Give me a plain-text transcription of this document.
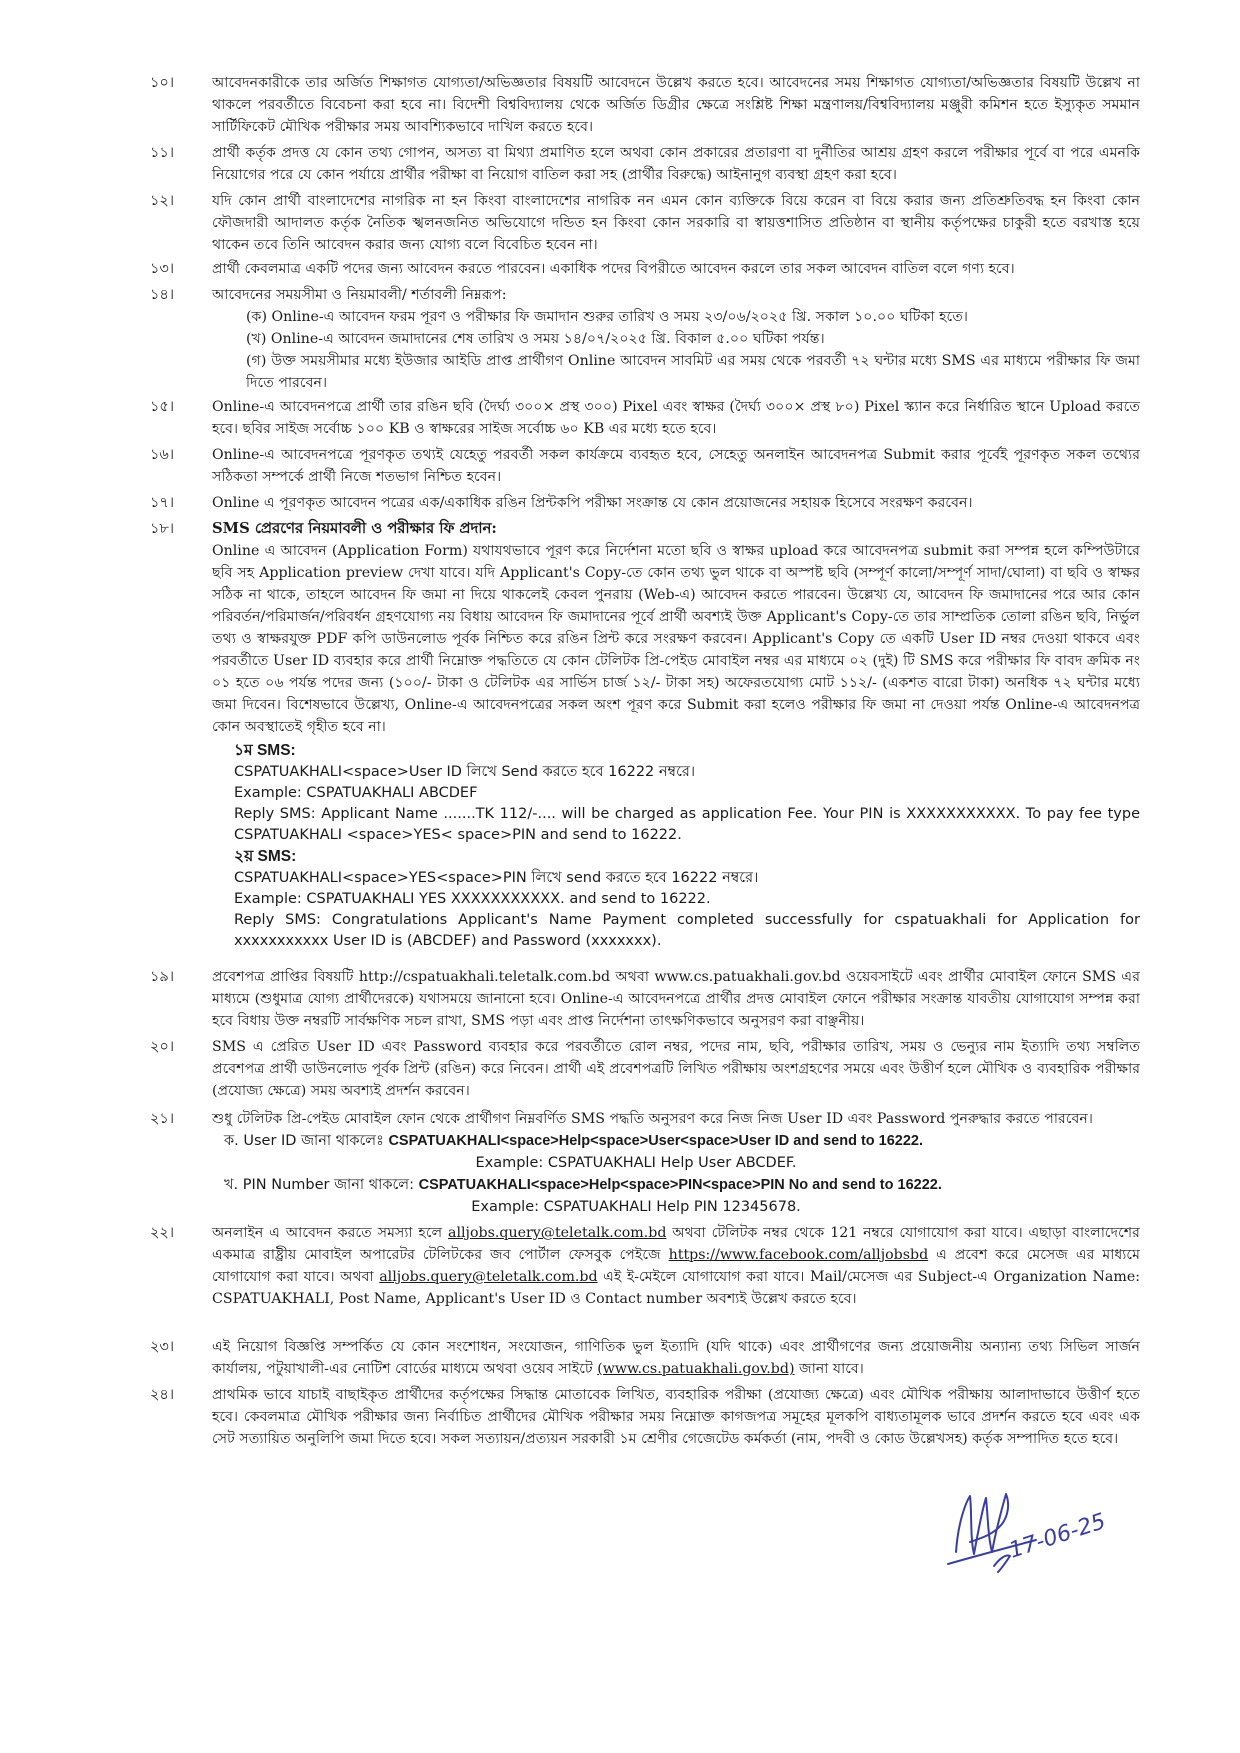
১০।	আবেদনকারীকে তার অর্জিত শিক্ষাগত যোগ্যতা/অভিজ্ঞতার বিষয়টি আবেদনে উল্লেখ করতে হবে। আবেদনের সময় শিক্ষাগত যোগ্যতা/অভিজ্ঞতার বিষয়টি উল্লেখ না থাকলে পরবর্তীতে বিবেচনা করা হবে না। বিদেশী বিশ্ববিদ্যালয় থেকে অর্জিত ডিগ্রীর ক্ষেত্রে সংশ্লিষ্ট শিক্ষা মন্ত্রণালয়/বিশ্ববিদ্যালয় মঞ্জুরী কমিশন হতে ইস্যুকৃত সমমান সার্টিফিকেট মৌখিক পরীক্ষার সময় আবশ্যিকভাবে দাখিল করতে হবে।

১১।	প্রার্থী কর্তৃক প্রদত্ত যে কোন তথ্য গোপন, অসত্য বা মিথ্যা প্রমাণিত হলে অথবা কোন প্রকারের প্রতারণা বা দুর্নীতির আশ্রয় গ্রহণ করলে পরীক্ষার পূর্বে বা পরে এমনকি নিয়োগের পরে যে কোন পর্যায়ে প্রার্থীর পরীক্ষা বা নিয়োগ বাতিল করা সহ (প্রার্থীর বিরুদ্ধে) আইনানুগ ব্যবস্থা গ্রহণ করা হবে।

১২।	যদি কোন প্রার্থী বাংলাদেশের নাগরিক না হন কিংবা বাংলাদেশের নাগরিক নন এমন কোন ব্যক্তিকে বিয়ে করেন বা বিয়ে করার জন্য প্রতিশ্রুতিবদ্ধ হন কিংবা কোন ফৌজদারী আদালত কর্তৃক নৈতিক স্খলনজনিত অভিযোগে দন্ডিত হন কিংবা কোন সরকারি বা স্বায়ত্তশাসিত প্রতিষ্ঠান বা স্থানীয় কর্তৃপক্ষের চাকুরী হতে বরখাস্ত হয়ে থাকেন তবে তিনি আবেদন করার জন্য যোগ্য বলে বিবেচিত হবেন না।

১৩।	প্রার্থী কেবলমাত্র একটি পদের জন্য আবেদন করতে পারবেন। একাধিক পদের বিপরীতে আবেদন করলে তার সকল আবেদন বাতিল বলে গণ্য হবে।

১৪।	আবেদনের সময়সীমা ও নিয়মাবলী/ শর্তাবলী নিম্নরূপ:

(ক) Online-এ আবেদন ফরম পূরণ ও পরীক্ষার ফি জমাদান শুরুর তারিখ ও সময় ২৩/০৬/২০২৫ খ্রি. সকাল ১০.০০ ঘটিকা হতে।
(খ) Online-এ আবেদন জমাদানের শেষ তারিখ ও সময় ১৪/০৭/২০২৫ খ্রি. বিকাল ৫.০০ ঘটিকা পর্যন্ত।
(গ) উক্ত সময়সীমার মধ্যে ইউজার আইডি প্রাপ্ত প্রার্থীগণ Online আবেদন সাবমিট এর সময় থেকে পরবর্তী ৭২ ঘন্টার মধ্যে SMS এর মাধ্যমে পরীক্ষার ফি জমা দিতে পারবেন।
১৫।	Online-এ আবেদনপত্রে প্রার্থী তার রঙিন ছবি (দৈর্ঘ্য ৩০০× প্রস্থ ৩০০) Pixel এবং স্বাক্ষর (দৈর্ঘ্য ৩০০× প্রস্থ ৮০) Pixel স্ক্যান করে নির্ধারিত স্থানে Upload করতে হবে। ছবির সাইজ সর্বোচ্চ ১০০ KB ও স্বাক্ষরের সাইজ সর্বোচ্চ ৬০ KB এর মধ্যে হতে হবে।

১৬।	Online-এ আবেদনপত্রে পূরণকৃত তথ্যই যেহেতু পরবর্তী সকল কার্যক্রমে ব্যবহৃত হবে, সেহেতু অনলাইন আবেদনপত্র Submit করার পূর্বেই পূরণকৃত সকল তথ্যের সঠিকতা সম্পর্কে প্রার্থী নিজে শতভাগ নিশ্চিত হবেন।

১৭।	Online এ পূরণকৃত আবেদন পত্রের এক/একাধিক রঙিন প্রিন্টকপি পরীক্ষা সংক্রান্ত যে কোন প্রয়োজনের সহায়ক হিসেবে সংরক্ষণ করবেন।

১৮।	SMS প্রেরণের নিয়মাবলী ও পরীক্ষার ফি প্রদান:

Online এ আবেদন (Application Form) যথাযথভাবে পূরণ করে নির্দেশনা মতো ছবি ও স্বাক্ষর upload করে আবেদনপত্র submit করা সম্পন্ন হলে কম্পিউটারে ছবি সহ Application preview দেখা যাবে। যদি Applicant's Copy-তে কোন তথ্য ভুল থাকে বা অস্পষ্ট ছবি (সম্পূর্ণ কালো/সম্পূর্ণ সাদা/ঘোলা) বা ছবি ও স্বাক্ষর সঠিক না থাকে, তাহলে আবেদন ফি জমা না দিয়ে থাকলেই কেবল পুনরায় (Web-এ) আবেদন করতে পারবেন। উল্লেখ্য যে, আবেদন ফি জমাদানের পরে আর কোন পরিবর্তন/পরিমার্জন/পরিবর্ধন গ্রহণযোগ্য নয় বিধায় আবেদন ফি জমাদানের পূর্বে প্রার্থী অবশ্যই উক্ত Applicant's Copy-তে তার সাম্প্রতিক তোলা রঙিন ছবি, নির্ভুল তথ্য ও স্বাক্ষরযুক্ত PDF কপি ডাউনলোড পূর্বক নিশ্চিত করে রঙিন প্রিন্ট করে সংরক্ষণ করবেন। Applicant's Copy তে একটি User ID নম্বর দেওয়া থাকবে এবং পরবর্তীতে User ID ব্যবহার করে প্রার্থী নিম্নোক্ত পদ্ধতিতে যে কোন টেলিটক প্রি-পেইড মোবাইল নম্বর এর মাধ্যমে ০২ (দুই) টি SMS করে পরীক্ষার ফি বাবদ ক্রমিক নং ০১ হতে ০৬ পর্যন্ত পদের জন্য (১০০/- টাকা ও টেলিটক এর সার্ভিস চার্জ ১২/- টাকা সহ) অফেরতযোগ্য মোট ১১২/- (একশত বারো টাকা) অনধিক ৭২ ঘন্টার মধ্যে জমা দিবেন। বিশেষভাবে উল্লেখ্য, Online-এ আবেদনপত্রের সকল অংশ পূরণ করে Submit করা হলেও পরীক্ষার ফি জমা না দেওয়া পর্যন্ত Online-এ আবেদনপত্র কোন অবস্থাতেই গৃহীত হবে না।

১ম SMS:
CSPATUAKHALI<space>User ID লিখে Send করতে হবে 16222 নম্বরে।
Example: CSPATUAKHALI ABCDEF
Reply SMS: Applicant Name .......TK 112/-.... will be charged as application Fee. Your PIN is XXXXXXXXXXX. To pay fee type CSPATUAKHALI <space>YES< space>PIN and send to 16222.
২য় SMS:
CSPATUAKHALI<space>YES<space>PIN লিখে send করতে হবে 16222 নম্বরে।
Example: CSPATUAKHALI YES XXXXXXXXXXX. and send to 16222.
Reply SMS: Congratulations Applicant's Name Payment completed successfully for cspatuakhali for Application for xxxxxxxxxxx User ID is (ABCDEF) and Password (xxxxxxx).
১৯।	প্রবেশপত্র প্রাপ্তির বিষয়টি http://cspatuakhali.teletalk.com.bd অথবা www.cs.patuakhali.gov.bd ওয়েবসাইটে এবং প্রার্থীর মোবাইল ফোনে SMS এর মাধ্যমে (শুধুমাত্র যোগ্য প্রার্থীদেরকে) যথাসময়ে জানানো হবে। Online-এ আবেদনপত্রে প্রার্থীর প্রদত্ত মোবাইল ফোনে পরীক্ষার সংক্রান্ত যাবতীয় যোগাযোগ সম্পন্ন করা হবে বিধায় উক্ত নম্বরটি সার্বক্ষণিক সচল রাখা, SMS পড়া এবং প্রাপ্ত নির্দেশনা তাৎক্ষণিকভাবে অনুসরণ করা বাঞ্ছনীয়।

২০।	SMS এ প্রেরিত User ID এবং Password ব্যবহার করে পরবর্তীতে রোল নম্বর, পদের নাম, ছবি, পরীক্ষার তারিখ, সময় ও ভেন্যুর নাম ইত্যাদি তথ্য সম্বলিত প্রবেশপত্র প্রার্থী ডাউনলোড পূর্বক প্রিন্ট (রঙিন) করে নিবেন। প্রার্থী এই প্রবেশপত্রটি লিখিত পরীক্ষায় অংশগ্রহণের সময়ে এবং উত্তীর্ণ হলে মৌখিক ও ব্যবহারিক পরীক্ষার (প্রযোজ্য ক্ষেত্রে) সময় অবশ্যই প্রদর্শন করবেন।

২১।	শুধু টেলিটক প্রি-পেইড মোবাইল ফোন থেকে প্রার্থীগণ নিম্নবর্ণিত SMS পদ্ধতি অনুসরণ করে নিজ নিজ User ID এবং Password পুনরুদ্ধার করতে পারবেন।

ক. User ID জানা থাকলেঃ CSPATUAKHALI<space>Help<space>User<space>User ID and send to 16222.
Example: CSPATUAKHALI Help User ABCDEF.
খ. PIN Number জানা থাকলে: CSPATUAKHALI<space>Help<space>PIN<space>PIN No and send to 16222.
Example: CSPATUAKHALI Help PIN 12345678.
২২।	অনলাইন এ আবেদন করতে সমস্যা হলে alljobs.query@teletalk.com.bd অথবা টেলিটক নম্বর থেকে 121 নম্বরে যোগাযোগ করা যাবে। এছাড়া বাংলাদেশের একমাত্র রাষ্ট্রীয় মোবাইল অপারেটর টেলিটকের জব পোর্টাল ফেসবুক পেইজে https://www.facebook.com/alljobsbd এ প্রবেশ করে মেসেজ এর মাধ্যমে যোগাযোগ করা যাবে। অথবা alljobs.query@teletalk.com.bd এই ই-মেইলে যোগাযোগ করা যাবে। Mail/মেসেজ এর Subject-এ Organization Name: CSPATUAKHALI, Post Name, Applicant's User ID ও Contact number অবশ্যই উল্লেখ করতে হবে।

২৩।	এই নিয়োগ বিজ্ঞপ্তি সম্পর্কিত যে কোন সংশোধন, সংযোজন, গাণিতিক ভুল ইত্যাদি (যদি থাকে) এবং প্রার্থীগণের জন্য প্রয়োজনীয় অন্যান্য তথ্য সিভিল সার্জন কার্যালয়, পটুয়াখালী-এর নোটিশ বোর্ডের মাধ্যমে অথবা ওয়েব সাইটে (www.cs.patuakhali.gov.bd) জানা যাবে।

২৪।	প্রাথমিক ভাবে যাচাই বাছাইকৃত প্রার্থীদের কর্তৃপক্ষের সিদ্ধান্ত মোতাবেক লিখিত, ব্যবহারিক পরীক্ষা (প্রযোজ্য ক্ষেত্রে) এবং মৌখিক পরীক্ষায় আলাদাভাবে উত্তীর্ণ হতে হবে। কেবলমাত্র মৌখিক পরীক্ষার জন্য নির্বাচিত প্রার্থীদের মৌখিক পরীক্ষার সময় নিম্নোক্ত কাগজপত্র সমূহের মূলকপি বাধ্যতামূলক ভাবে প্রদর্শন করতে হবে এবং এক সেট সত্যায়িত অনুলিপি জমা দিতে হবে। সকল সত্যায়ন/প্রত্যয়ন সরকারী ১ম শ্রেণীর গেজেটেড কর্মকর্তা (নাম, পদবী ও কোড উল্লেখসহ) কর্তৃক সম্পাদিত হতে হবে।

17-06-25
